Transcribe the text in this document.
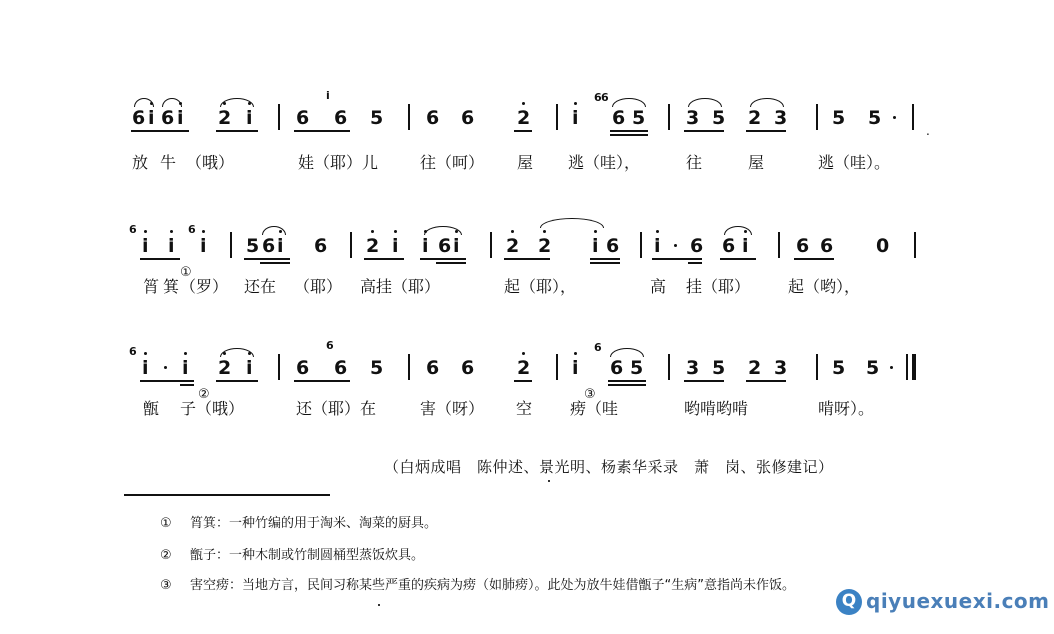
6 i 6 i 2 i 6
i
6 5 6 6 2 i
6 6
6 5 3 5 2 3 5 5
.
放 牛 （哦）	娃（耶）儿	往（呵） 屋 逃（哇），	往	屋	逃（哇）。
6
i i
6
i 5 6 i 6 2 i i 6 i 2 2 i 6 i 6 6 i 6 6 0
筲 箕
①
（罗） 还在 （耶） 高挂（耶）	起（耶），	高 挂（耶） 起（哟），
6
i i 2 i 6
6
6 5 6 6 2 i
6
6 5 3 5 2 3 5 5
甑 子
②
（哦）	还（耶）在	害（呀） 空
③
痨（哇	哟啃哟啃	啃呀）。
（白炳成唱　陈仲述、景光明、杨素华采录　萧　岗、张修建记）
① 筲箕：一种竹编的用于淘米、淘菜的厨具。
② 甑子：一种木制或竹制圆桶型蒸饭炊具。
③ 害空痨：当地方言，民间习称某些严重的疾病为痨（如肺痨）。此处为放牛娃借甑子“生病”意指尚未作饭。
Q qiyuexuexi.com
